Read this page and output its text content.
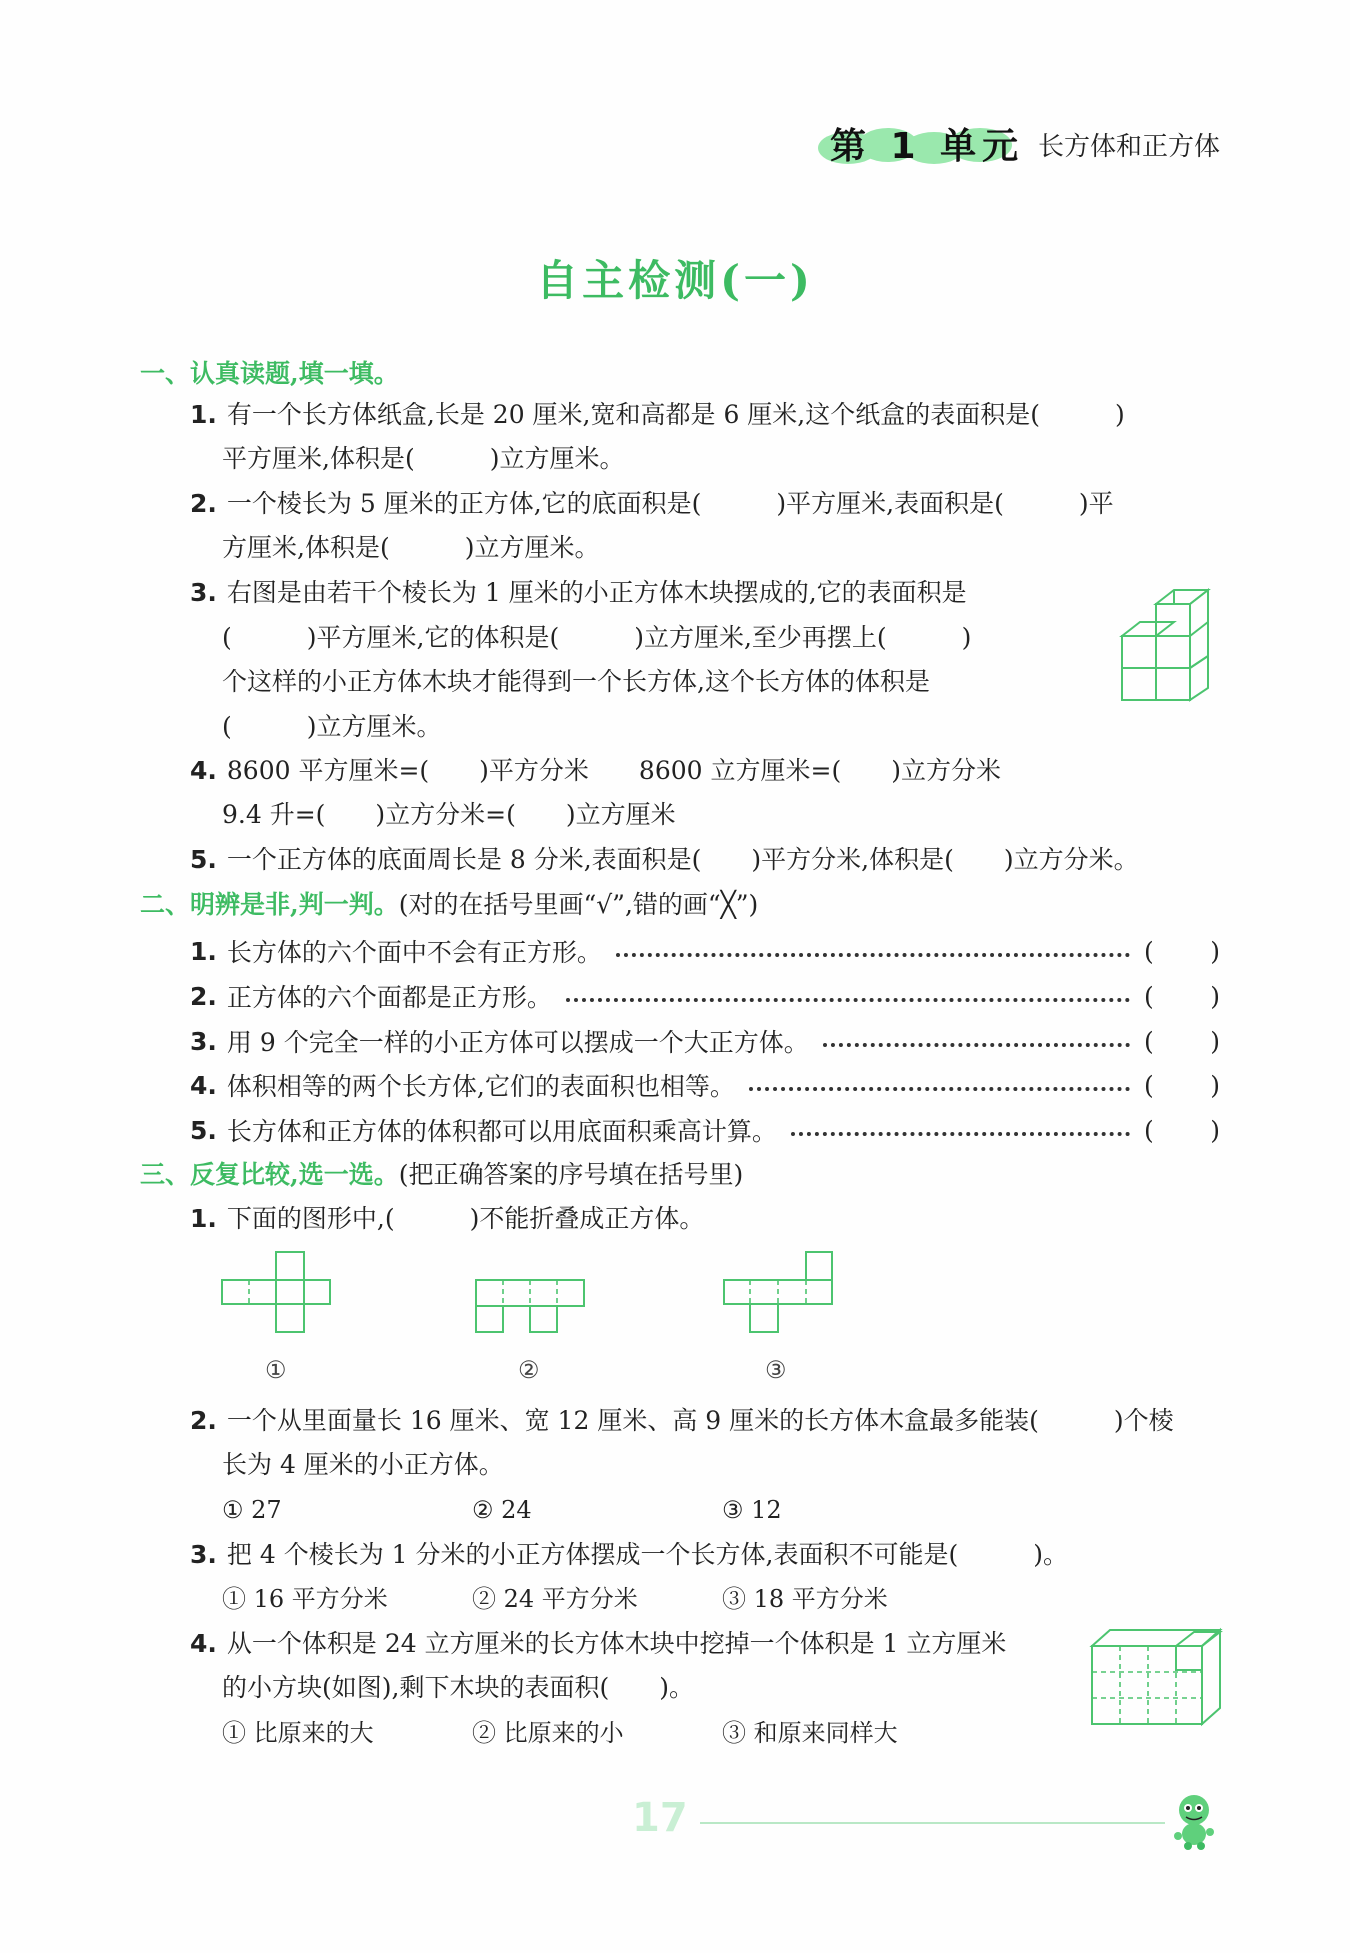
第 1 单元 长方体和正方体
自主检测(一)
一、认真读题,填一填。
1. 有一个长方体纸盒,长是 20 厘米,宽和高都是 6 厘米,这个纸盒的表面积是(　　　)
平方厘米,体积是(　　　)立方厘米。
2. 一个棱长为 5 厘米的正方体,它的底面积是(　　　)平方厘米,表面积是(　　　)平
方厘米,体积是(　　　)立方厘米。
3. 右图是由若干个棱长为 1 厘米的小正方体木块摆成的,它的表面积是
(　　　)平方厘米,它的体积是(　　　)立方厘米,至少再摆上(　　　)
个这样的小正方体木块才能得到一个长方体,这个长方体的体积是
(　　　)立方厘米。
4. 8600 平方厘米=(　　)平方分米　　8600 立方厘米=(　　)立方分米
9.4 升=(　　)立方分米=(　　)立方厘米
5. 一个正方体的底面周长是 8 分米,表面积是(　　)平方分米,体积是(　　)立方分米。
二、明辨是非,判一判。(对的在括号里画“√”,错的画“╳”)
1. 长方体的六个面中不会有正方形。	( )
2. 正方体的六个面都是正方形。	( )
3. 用 9 个完全一样的小正方体可以摆成一个大正方体。	( )
4. 体积相等的两个长方体,它们的表面积也相等。	( )
5. 长方体和正方体的体积都可以用底面积乘高计算。	( )
三、反复比较,选一选。(把正确答案的序号填在括号里)
1. 下面的图形中,(　　　)不能折叠成正方体。
①	②	③
2. 一个从里面量长 16 厘米、宽 12 厘米、高 9 厘米的长方体木盒最多能装(　　　)个棱
长为 4 厘米的小正方体。
① 27	② 24	③ 12
3. 把 4 个棱长为 1 分米的小正方体摆成一个长方体,表面积不可能是(　　　)。
① 16 平方分米	② 24 平方分米	③ 18 平方分米
4. 从一个体积是 24 立方厘米的长方体木块中挖掉一个体积是 1 立方厘米
的小方块(如图),剩下木块的表面积(　　)。
① 比原来的大	② 比原来的小	③ 和原来同样大
17
